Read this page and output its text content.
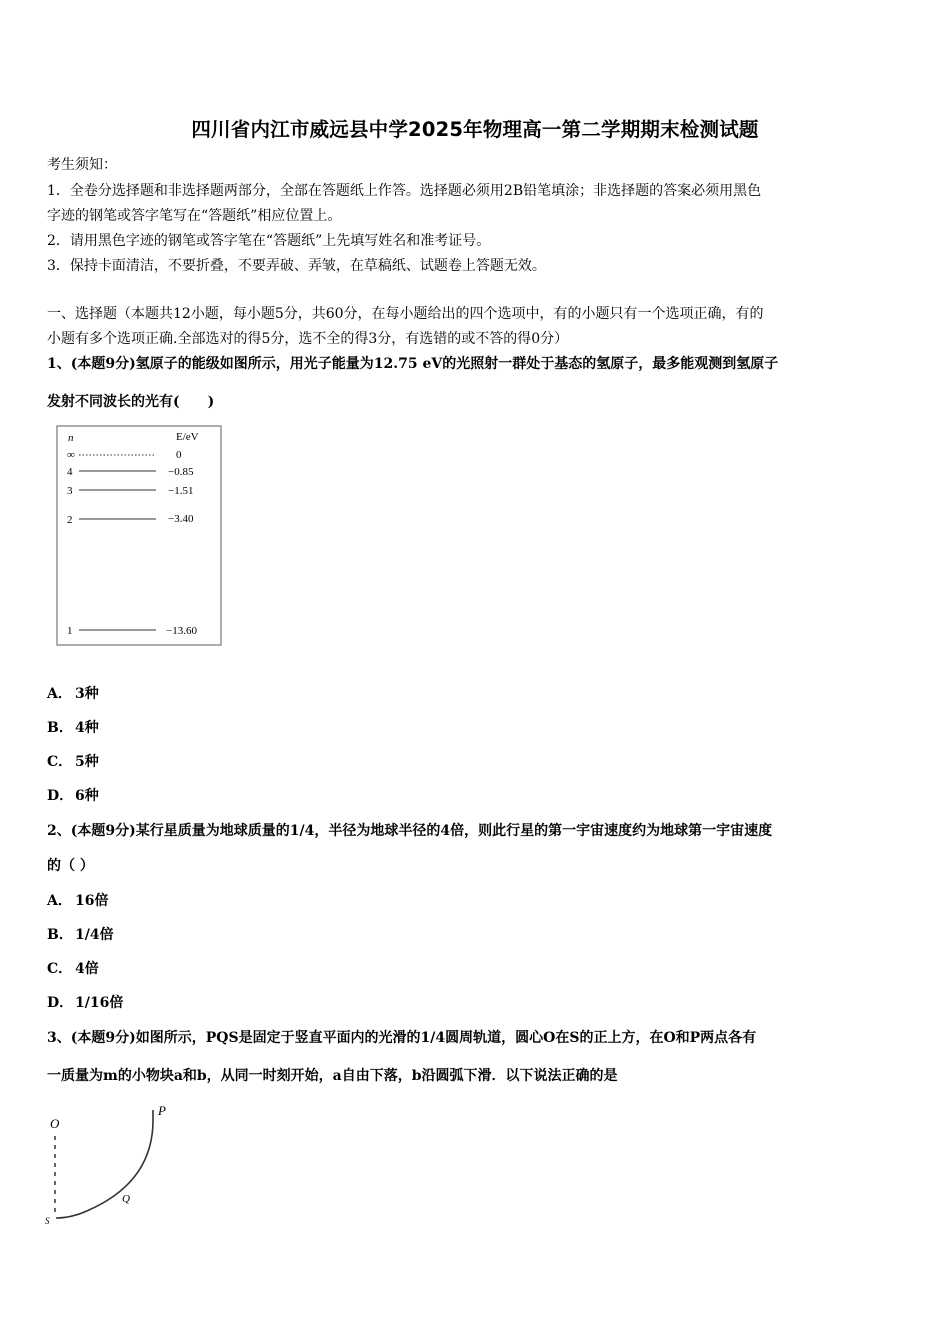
四川省内江市威远县中学2025年物理高一第二学期期末检测试题
考生须知：
1．全卷分选择题和非选择题两部分，全部在答题纸上作答。选择题必须用2B铅笔填涂；非选择题的答案必须用黑色
字迹的钢笔或答字笔写在“答题纸”相应位置上。
2．请用黑色字迹的钢笔或答字笔在“答题纸”上先填写姓名和准考证号。
3．保持卡面清洁，不要折叠，不要弄破、弄皱，在草稿纸、试题卷上答题无效。
一、选择题（本题共12小题，每小题5分，共60分，在每小题给出的四个选项中，有的小题只有一个选项正确，有的
小题有多个选项正确.全部选对的得5分，选不全的得3分，有选错的或不答的得0分）
1、(本题9分)氢原子的能级如图所示，用光子能量为12.75 eV的光照射一群处于基态的氢原子，最多能观测到氢原子
发射不同波长的光有(　　)
n	E/eV
∞	0
4	−0.85
3	−1.51
2	−3.40
1	−13.60
A． 3种
B． 4种
C． 5种
D． 6种
2、(本题9分)某行星质量为地球质量的1/4，半径为地球半径的4倍，则此行星的第一宇宙速度约为地球第一宇宙速度
的（ ）
A． 16倍
B． 1/4倍
C． 4倍
D． 1/16倍
3、(本题9分)如图所示，PQS是固定于竖直平面内的光滑的1/4圆周轨道，圆心O在S的正上方，在O和P两点各有
一质量为m的小物块a和b，从同一时刻开始，a自由下落，b沿圆弧下滑．以下说法正确的是
O
P
Q
S
